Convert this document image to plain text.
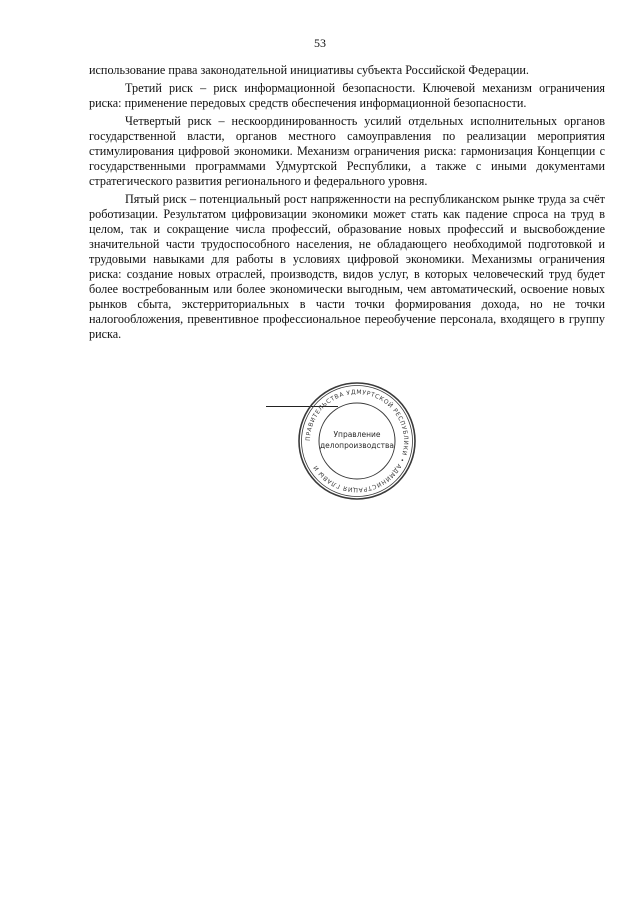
53

использование права законодательной инициативы субъекта Российской Федерации.

Третий риск – риск информационной безопасности. Ключевой механизм ограничения риска: применение передовых средств обеспечения информационной безопасности.

Четвертый риск – нескоординированность усилий отдельных исполнительных органов государственной власти, органов местного самоуправления по реализации мероприятия стимулирования цифровой экономики. Механизм ограничения риска: гармонизация Концепции с государственными программами Удмуртской Республики, а также с иными документами стратегического развития регионального и федерального уровня.

Пятый риск – потенциальный рост напряженности на республиканском рынке труда за счёт роботизации. Результатом цифровизации экономики может стать как падение спроса на труд в целом, так и сокращение числа профессий, образование новых профессий и высвобождение значительной части трудоспособного населения, не обладающего необходимой подготовкой и трудовыми навыками для работы в условиях цифровой экономики. Механизмы ограничения риска: создание новых отраслей, производств, видов услуг, в которых человеческий труд будет более востребованным или более экономически выгодным, чем автоматический, освоение новых рынков сбыта, экстерриториальных в части точки формирования дохода, но не точки налогообложения, превентивное профессиональное переобучение персонала, входящего в группу риска.

ПРАВИТЕЛЬСТВА УДМУРТСКОЙ РЕСПУБЛИКИ • АДМИНИСТРАЦИЯ ГЛАВЫ И
Управление
делопроизводства
